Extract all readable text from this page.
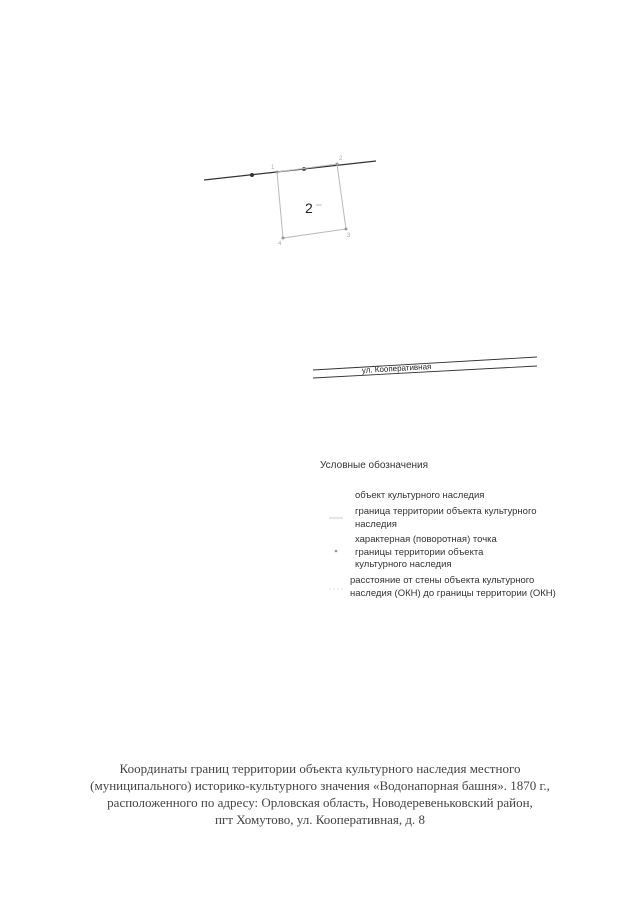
1
2
3
4
2
ул. Кооперативная
Условные обозначения
объект культурного наследия
граница территории объекта культурного
наследия
характерная (поворотная) точка
границы территории объекта
культурного наследия
расстояние от стены объекта культурного
наследия (ОКН) до границы территории (ОКН)
Координаты границ территории объекта культурного наследия местного
(муниципального) историко-культурного значения «Водонапорная башня». 1870 г.,
расположенного по адресу: Орловская область, Новодеревеньковский район,
пгт Хомутово, ул. Кооперативная, д. 8
